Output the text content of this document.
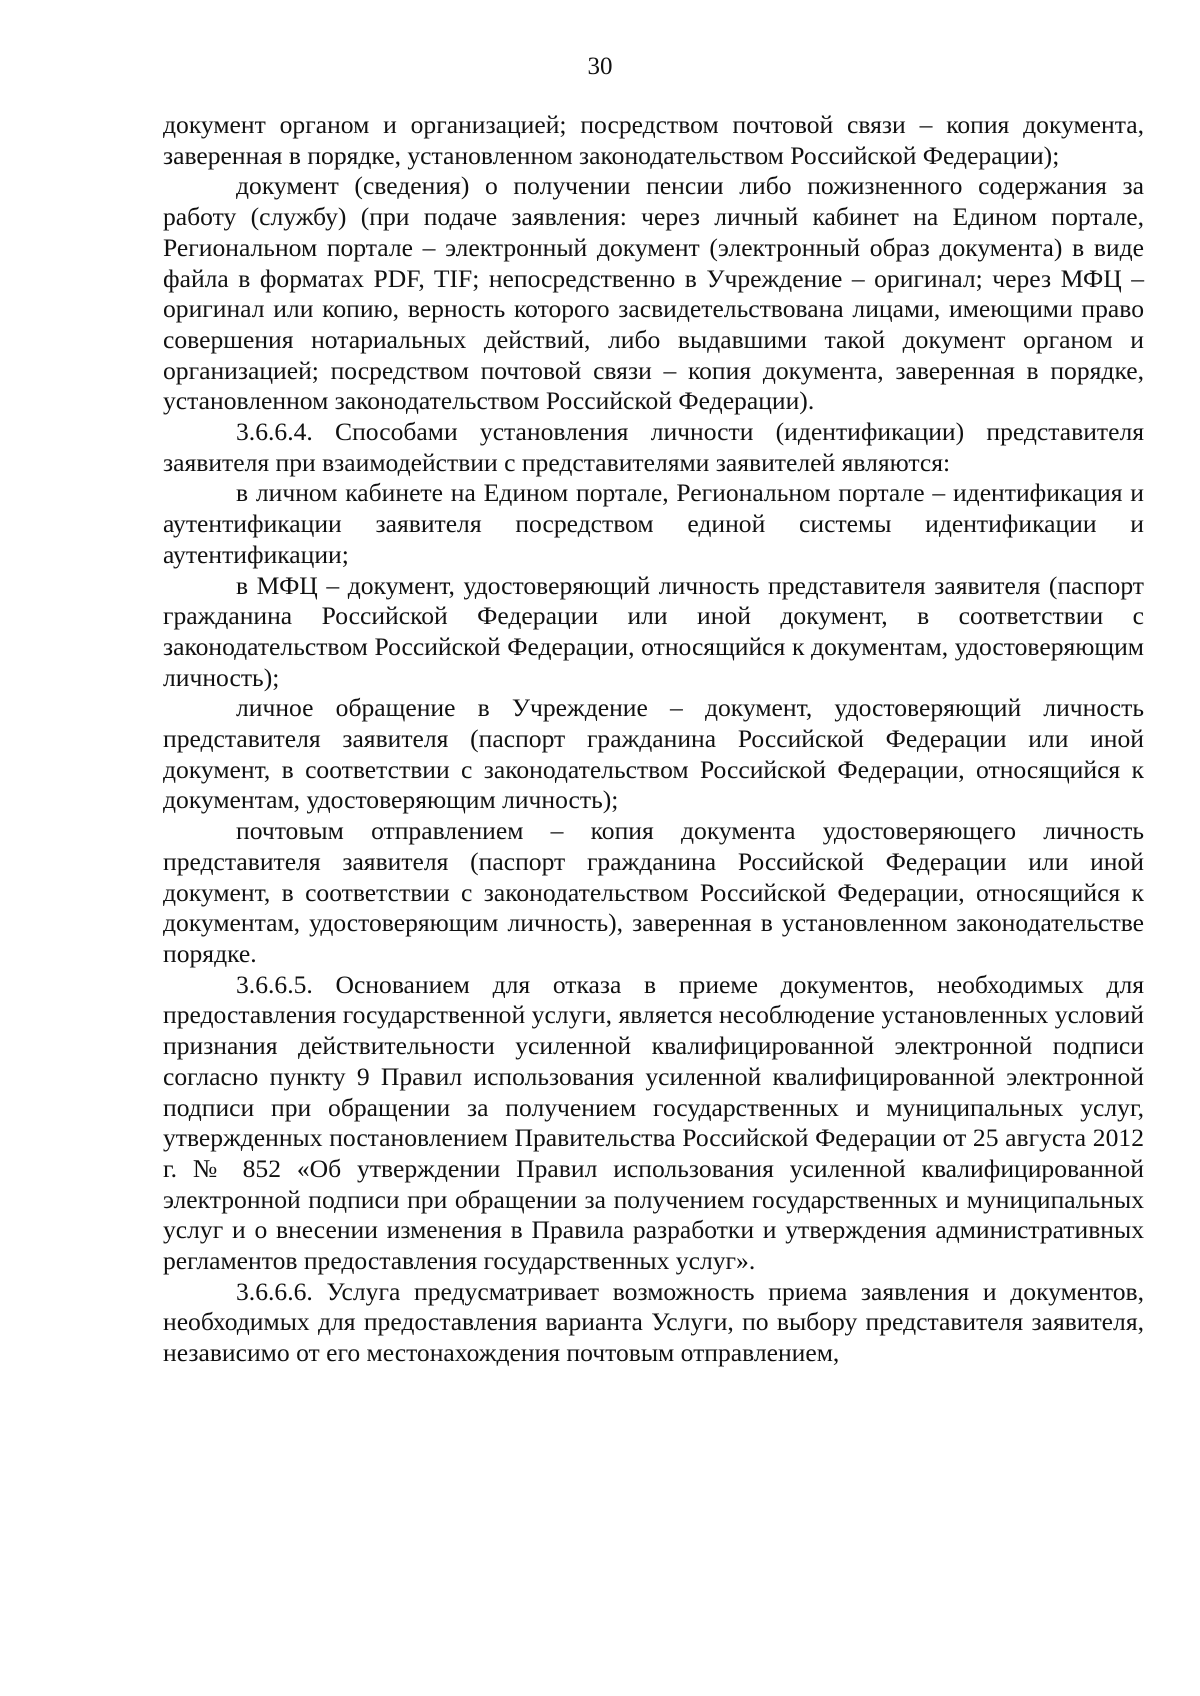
30

документ органом и организацией; посредством почтовой связи – копия документа, заверенная в порядке, установленном законодательством Российской Федерации);

документ (сведения) о получении пенсии либо пожизненного содержания за работу (службу) (при подаче заявления: через личный кабинет на Едином портале, Региональном портале – электронный документ (электронный образ документа) в виде файла в форматах PDF, TIF; непосредственно в Учреждение – оригинал; через МФЦ – оригинал или копию, верность которого засвидетельствована лицами, имеющими право совершения нотариальных действий, либо выдавшими такой документ органом и организацией; посредством почтовой связи – копия документа, заверенная в порядке, установленном законодательством Российской Федерации).

3.6.6.4. Способами установления личности (идентификации) представителя заявителя при взаимодействии с представителями заявителей являются:

в личном кабинете на Едином портале, Региональном портале – идентификация и аутентификации заявителя посредством единой системы идентификации и аутентификации;

в МФЦ – документ, удостоверяющий личность представителя заявителя (паспорт гражданина Российской Федерации или иной документ, в соответствии с законодательством Российской Федерации, относящийся к документам, удостоверяющим личность);

личное обращение в Учреждение – документ, удостоверяющий личность представителя заявителя (паспорт гражданина Российской Федерации или иной документ, в соответствии с законодательством Российской Федерации, относящийся к документам, удостоверяющим личность);

почтовым отправлением – копия документа удостоверяющего личность представителя заявителя (паспорт гражданина Российской Федерации или иной документ, в соответствии с законодательством Российской Федерации, относящийся к документам, удостоверяющим личность), заверенная в установленном законодательстве порядке.

3.6.6.5. Основанием для отказа в приеме документов, необходимых для предоставления государственной услуги, является несоблюдение установленных условий признания действительности усиленной квалифицированной электронной подписи согласно пункту 9 Правил использования усиленной квалифицированной электронной подписи при обращении за получением государственных и муниципальных услуг, утвержденных постановлением Правительства Российской Федерации от 25 августа 2012 г. № 852 «Об утверждении Правил использования усиленной квалифицированной электронной подписи при обращении за получением государственных и муниципальных услуг и о внесении изменения в Правила разработки и утверждения административных регламентов предоставления государственных услуг».

3.6.6.6. Услуга предусматривает возможность приема заявления и документов, необходимых для предоставления варианта Услуги, по выбору представителя заявителя, независимо от его местонахождения почтовым отправлением,
